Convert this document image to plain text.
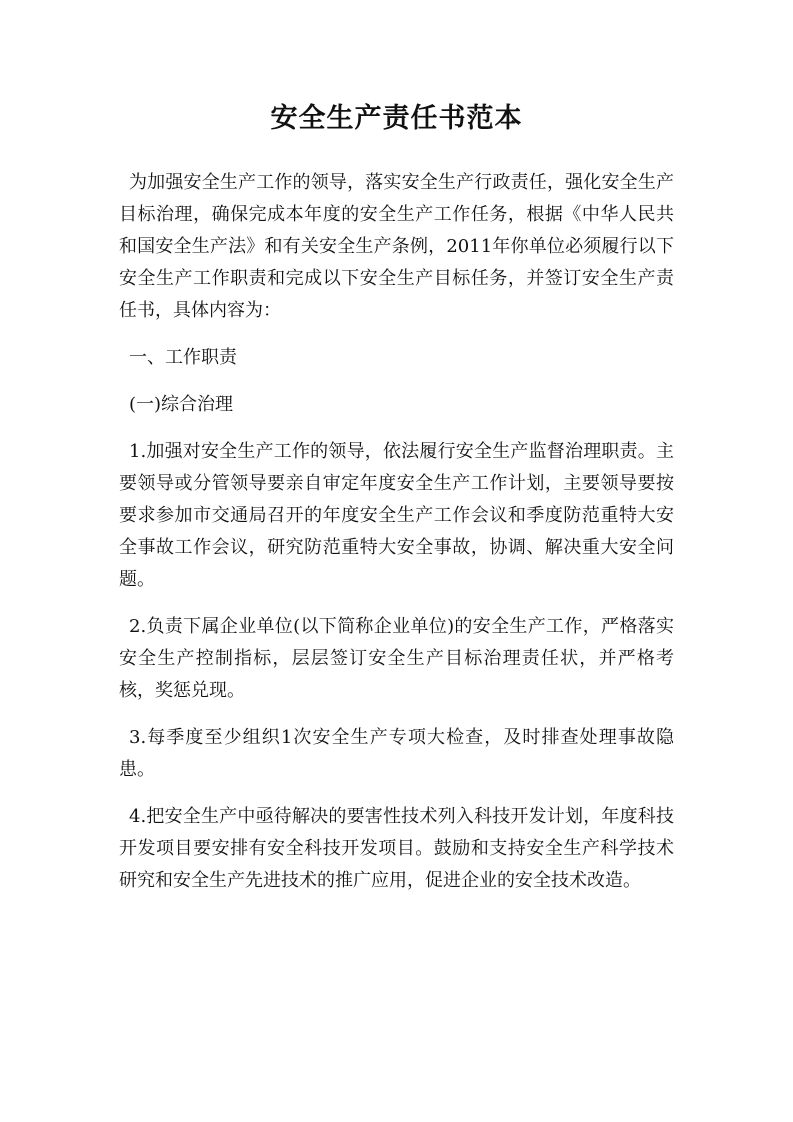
安全生产责任书范本

为加强安全生产工作的领导，落实安全生产行政责任，强化安全生产目标治理，确保完成本年度的安全生产工作任务，根据《中华人民共和国安全生产法》和有关安全生产条例，2011年你单位必须履行以下安全生产工作职责和完成以下安全生产目标任务，并签订安全生产责任书，具体内容为：

一、工作职责

(一)综合治理

1.加强对安全生产工作的领导，依法履行安全生产监督治理职责。主要领导或分管领导要亲自审定年度安全生产工作计划，主要领导要按要求参加市交通局召开的年度安全生产工作会议和季度防范重特大安全事故工作会议，研究防范重特大安全事故，协调、解决重大安全问题。

2.负责下属企业单位(以下简称企业单位)的安全生产工作，严格落实安全生产控制指标，层层签订安全生产目标治理责任状，并严格考核，奖惩兑现。

3.每季度至少组织1次安全生产专项大检查，及时排查处理事故隐患。

4.把安全生产中亟待解决的要害性技术列入科技开发计划，年度科技开发项目要安排有安全科技开发项目。鼓励和支持安全生产科学技术研究和安全生产先进技术的推广应用，促进企业的安全技术改造。
